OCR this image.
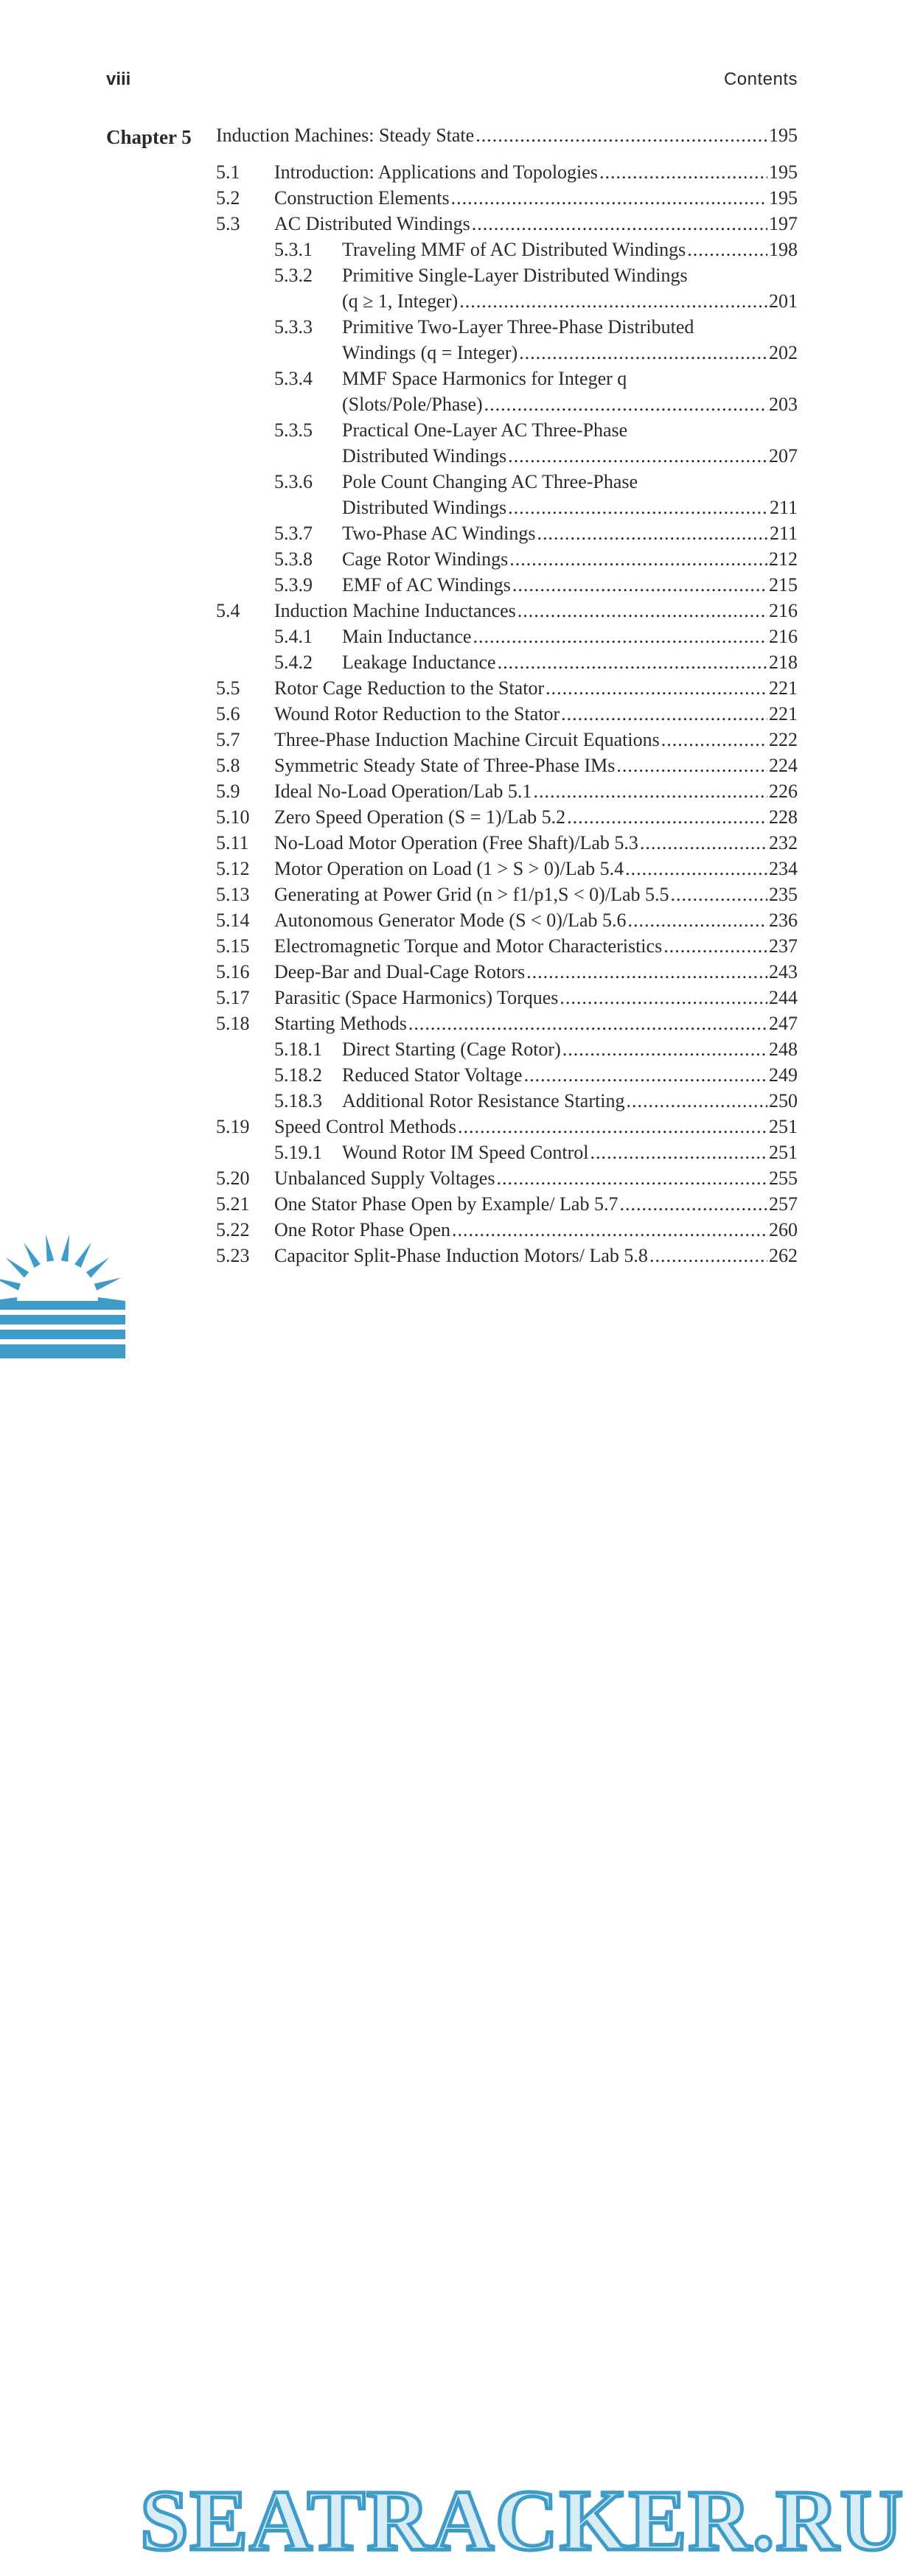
viii	Contents
Chapter 5 Induction Machines: Steady State .....	195
5.1 Introduction: Applications and Topologies .....	195
5.2 Construction Elements .....	195
5.3 AC Distributed Windings .....	197
5.3.1 Traveling MMF of AC Distributed Windings .....	198
5.3.2 Primitive Single-Layer Distributed Windings
(q ≥ 1, Integer) .....	201
5.3.3 Primitive Two-Layer Three-Phase Distributed
Windings (q = Integer) .....	202
5.3.4 MMF Space Harmonics for Integer q
(Slots/Pole/Phase) .....	203
5.3.5 Practical One-Layer AC Three-Phase
Distributed Windings .....	207
5.3.6 Pole Count Changing AC Three-Phase
Distributed Windings .....	211
5.3.7 Two-Phase AC Windings .....	211
5.3.8 Cage Rotor Windings .....	212
5.3.9 EMF of AC Windings .....	215
5.4 Induction Machine Inductances .....	216
5.4.1 Main Inductance .....	216
5.4.2 Leakage Inductance .....	218
5.5 Rotor Cage Reduction to the Stator .....	221
5.6 Wound Rotor Reduction to the Stator .....	221
5.7 Three-Phase Induction Machine Circuit Equations .....	222
5.8 Symmetric Steady State of Three-Phase IMs .....	224
5.9 Ideal No-Load Operation/Lab 5.1 .....	226
5.10 Zero Speed Operation (S = 1)/Lab 5.2 .....	228
5.11 No-Load Motor Operation (Free Shaft)/Lab 5.3 .....	232
5.12 Motor Operation on Load (1 > S > 0)/Lab 5.4 .....	234
5.13 Generating at Power Grid (n > f1/p1,S < 0)/Lab 5.5 .....	235
5.14 Autonomous Generator Mode (S < 0)/Lab 5.6 .....	236
5.15 Electromagnetic Torque and Motor Characteristics .....	237
5.16 Deep-Bar and Dual-Cage Rotors .....	243
5.17 Parasitic (Space Harmonics) Torques .....	244
5.18 Starting Methods .....	247
5.18.1 Direct Starting (Cage Rotor) .....	248
5.18.2 Reduced Stator Voltage .....	249
5.18.3 Additional Rotor Resistance Starting .....	250
5.19 Speed Control Methods .....	251
5.19.1 Wound Rotor IM Speed Control .....	251
5.20 Unbalanced Supply Voltages .....	255
5.21 One Stator Phase Open by Example/ Lab 5.7 .....	257
5.22 One Rotor Phase Open .....	260
5.23 Capacitor Split-Phase Induction Motors/ Lab 5.8 .....	262
SEATRACKER.RU
